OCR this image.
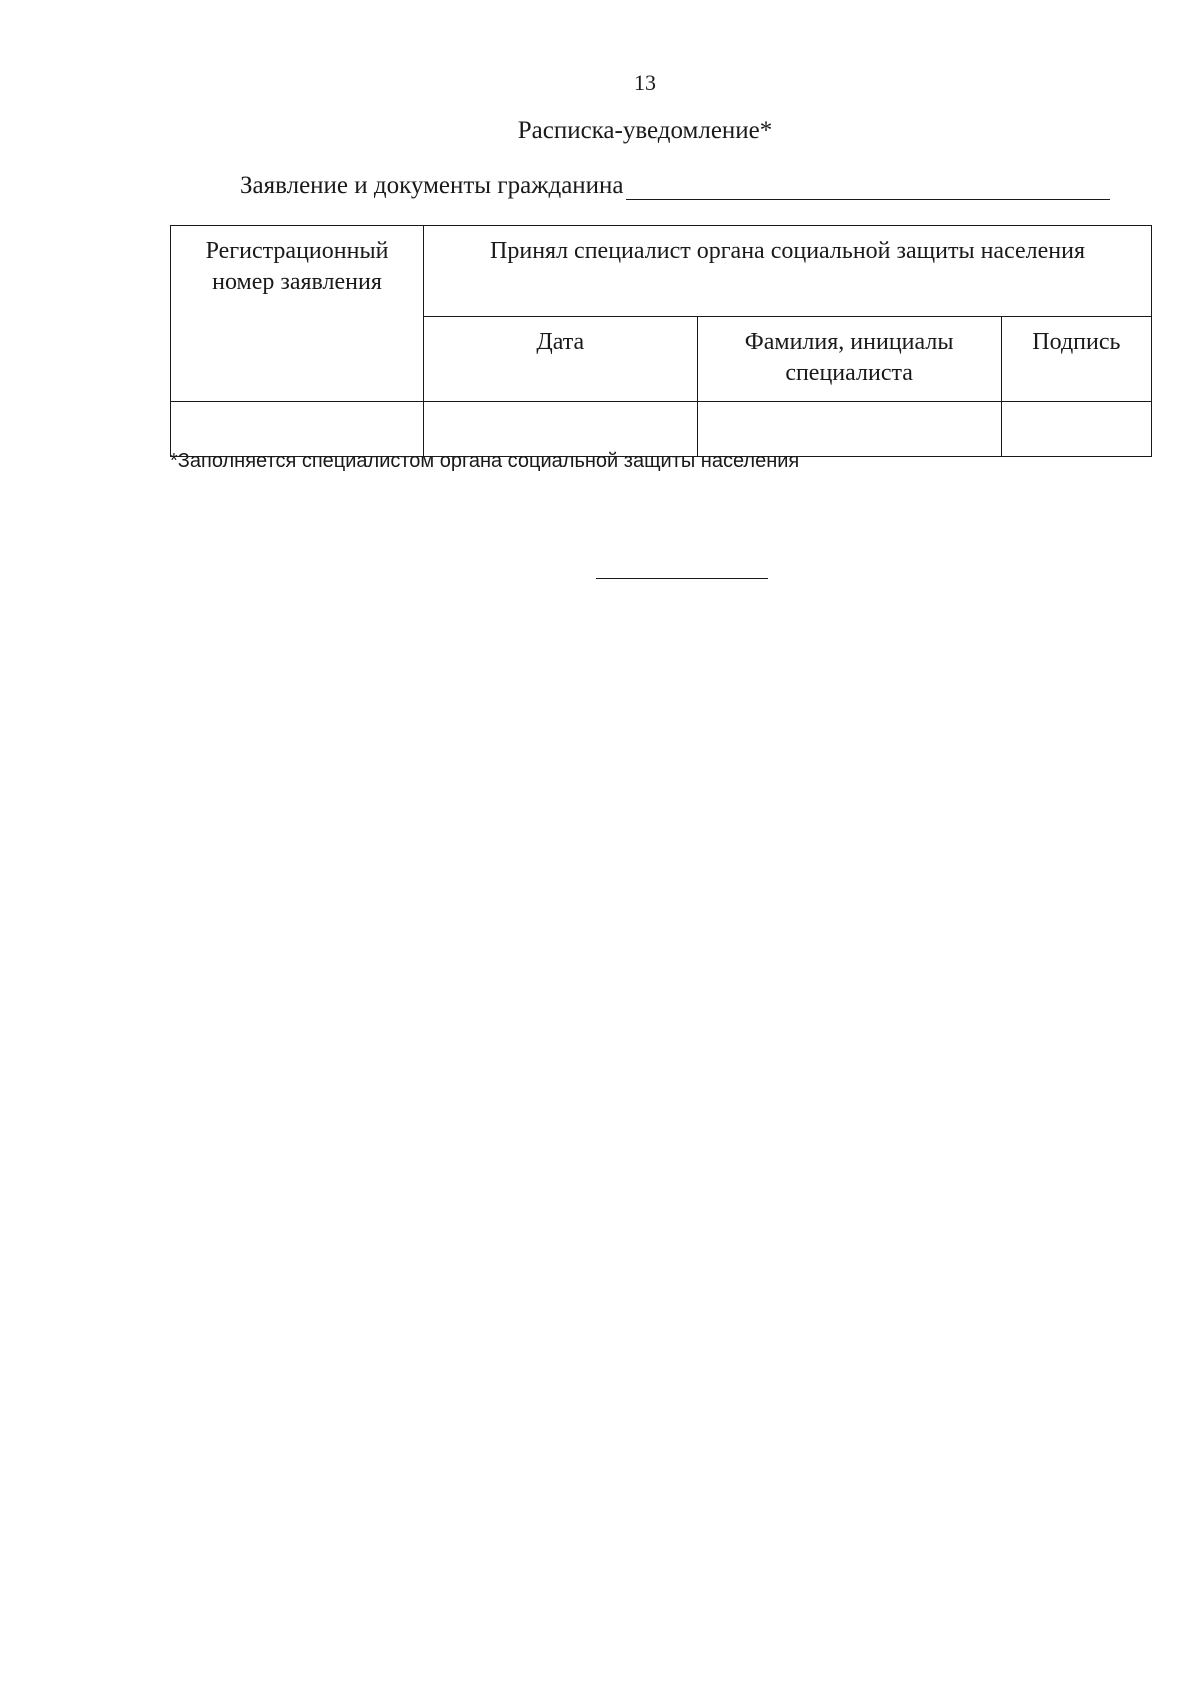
13
Расписка-уведомление*
Заявление и документы гражданина
Регистрационный номер заявления	Принял специалист органа социальной защиты населения		
	Дата	Фамилия, инициалы специалиста	Подпись

*Заполняется специалистом органа социальной защиты населения
